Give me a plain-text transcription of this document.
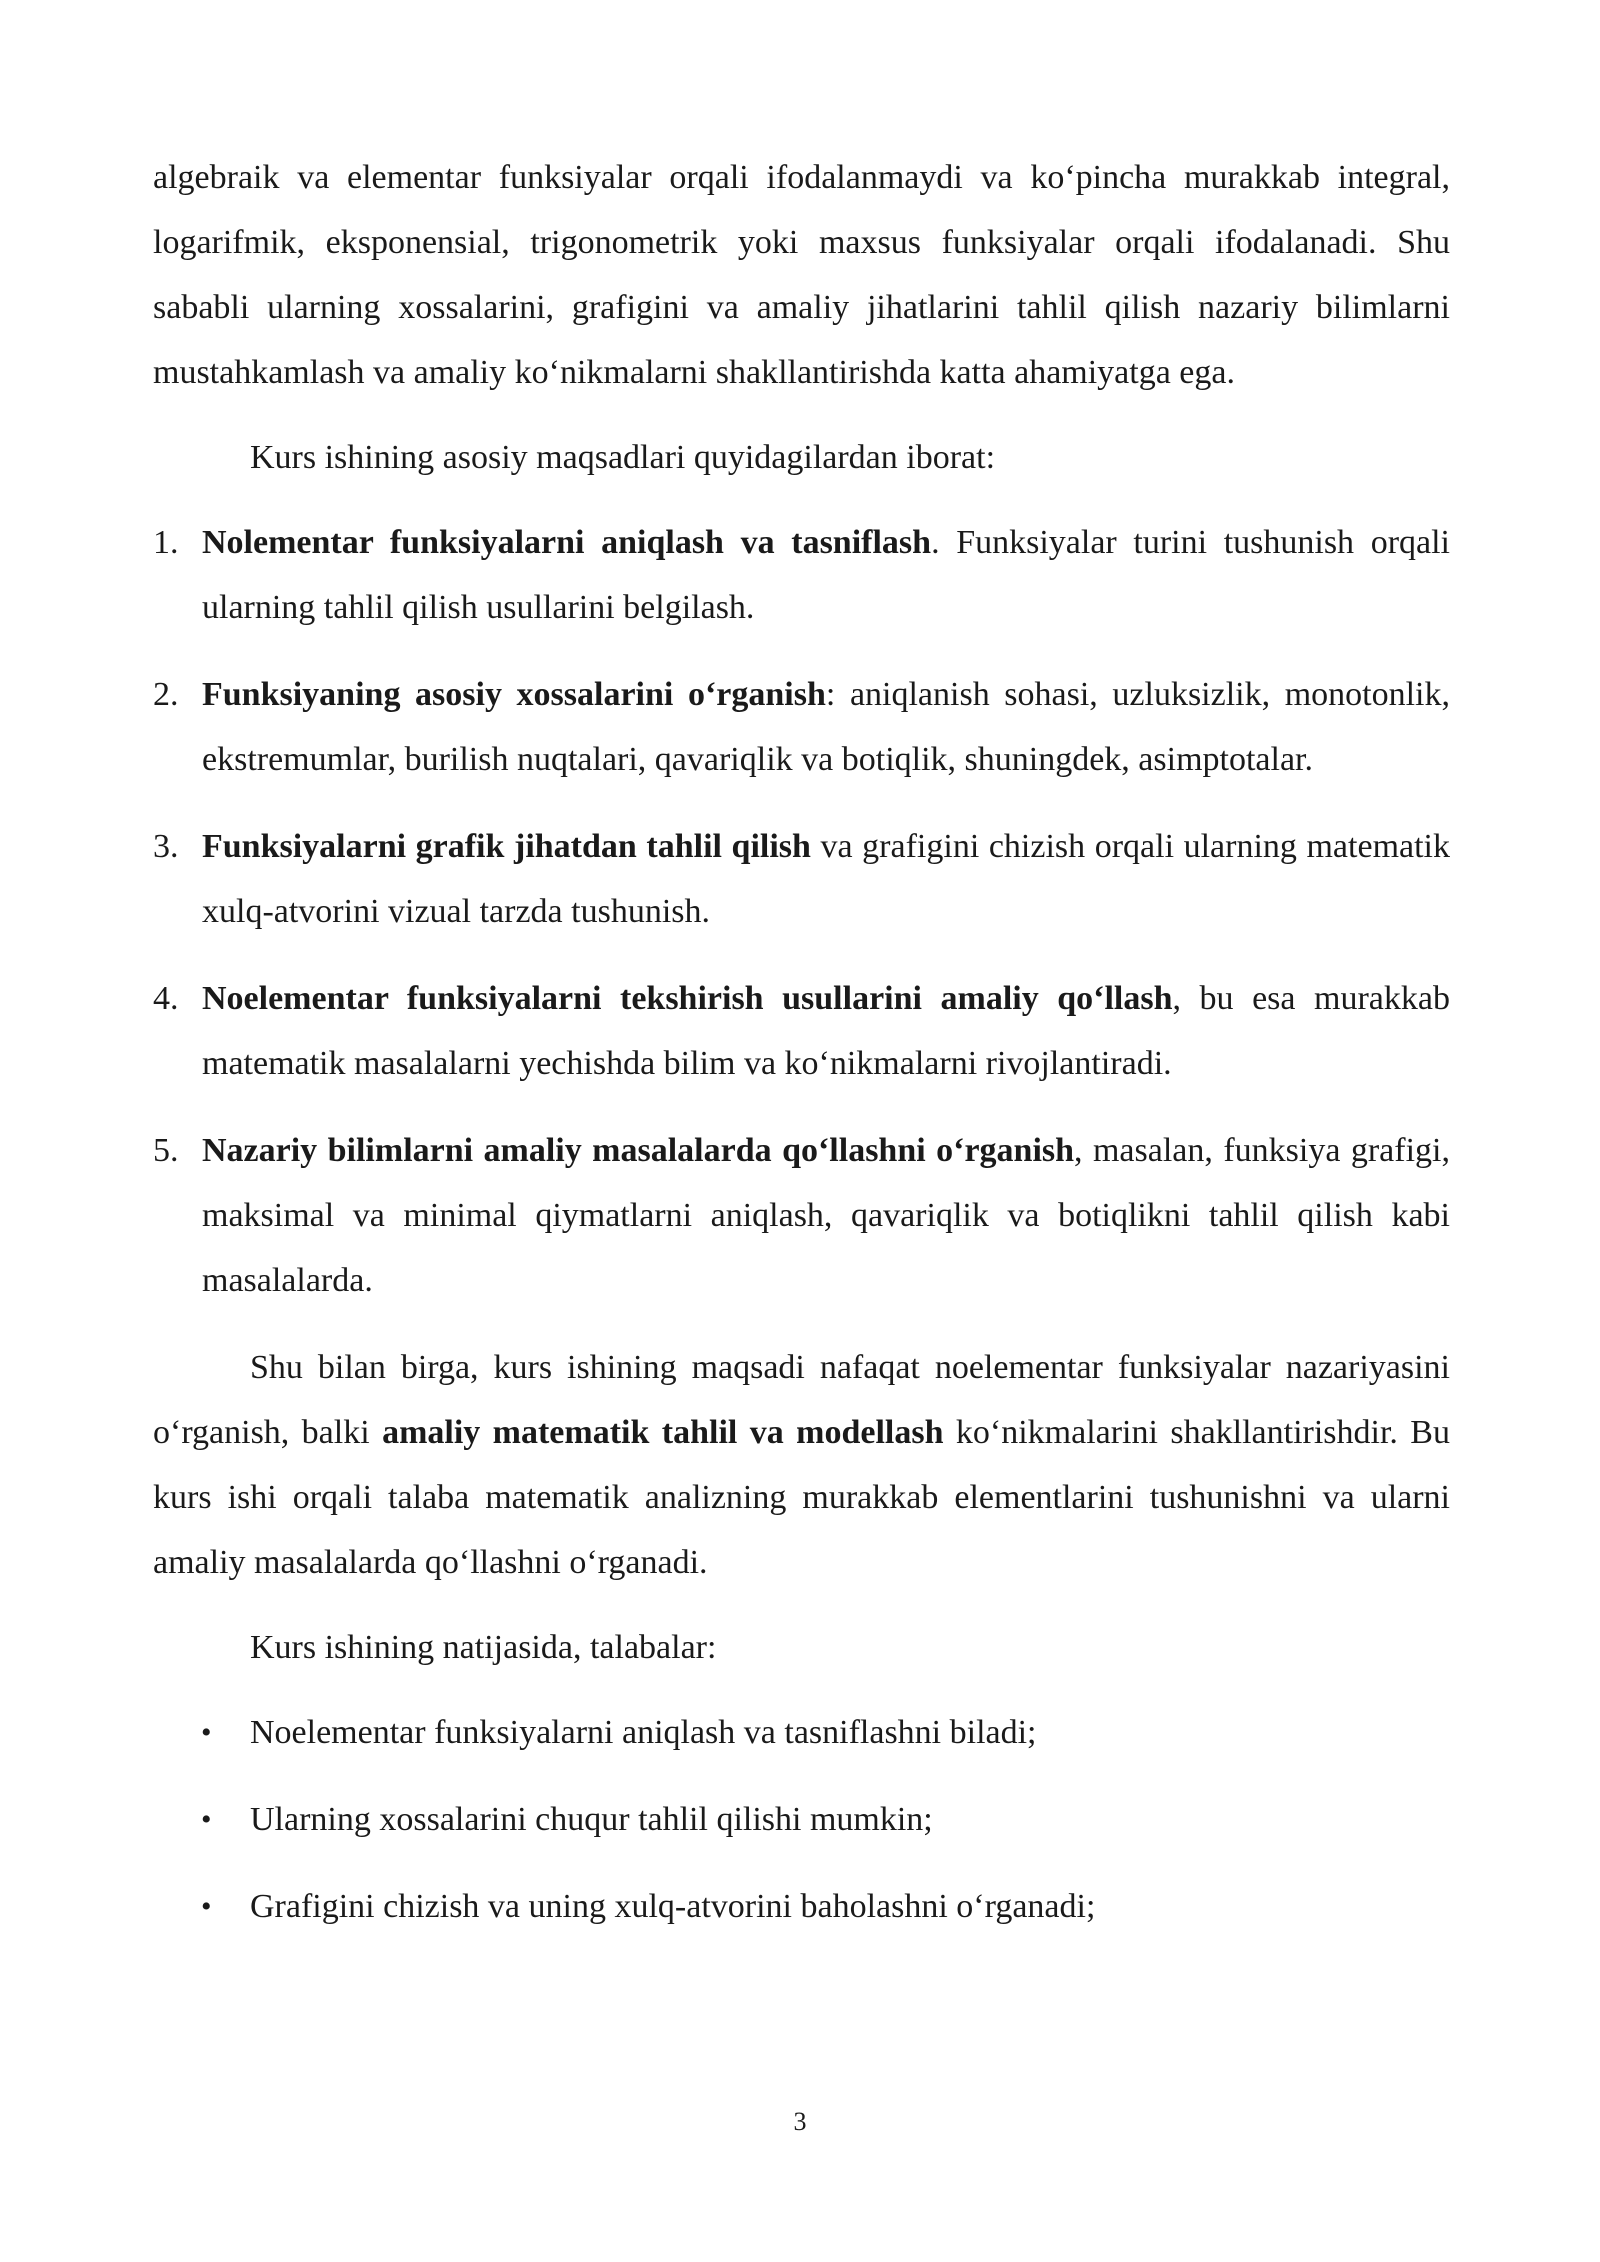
algebraik va elementar funksiyalar orqali ifodalanmaydi va ko‘pincha murakkab integral, logarifmik, eksponensial, trigonometrik yoki maxsus funksiyalar orqali ifodalanadi. Shu sababli ularning xossalarini, grafigini va amaliy jihatlarini tahlil qilish nazariy bilimlarni mustahkamlash va amaliy ko‘nikmalarni shakllantirishda katta ahamiyatga ega.

Kurs ishining asosiy maqsadlari quyidagilardan iborat:

1. Nolementar funksiyalarni aniqlash va tasniflash. Funksiyalar turini tushunish orqali ularning tahlil qilish usullarini belgilash.
2. Funksiyaning asosiy xossalarini o‘rganish: aniqlanish sohasi, uzluksizlik, monotonlik, ekstremumlar, burilish nuqtalari, qavariqlik va botiqlik, shuningdek, asimptotalar.
3. Funksiyalarni grafik jihatdan tahlil qilish va grafigini chizish orqali ularning matematik xulq-atvorini vizual tarzda tushunish.
4. Noelementar funksiyalarni tekshirish usullarini amaliy qo‘llash, bu esa murakkab matematik masalalarni yechishda bilim va ko‘nikmalarni rivojlantiradi.
5. Nazariy bilimlarni amaliy masalalarda qo‘llashni o‘rganish, masalan, funksiya grafigi, maksimal va minimal qiymatlarni aniqlash, qavariqlik va botiqlikni tahlil qilish kabi masalalarda.

Shu bilan birga, kurs ishining maqsadi nafaqat noelementar funksiyalar nazariyasini o‘rganish, balki amaliy matematik tahlil va modellash ko‘nikmalarini shakllantirishdir. Bu kurs ishi orqali talaba matematik analizning murakkab elementlarini tushunishni va ularni amaliy masalalarda qo‘llashni o‘rganadi.

Kurs ishining natijasida, talabalar:

• Noelementar funksiyalarni aniqlash va tasniflashni biladi;
• Ularning xossalarini chuqur tahlil qilishi mumkin;
• Grafigini chizish va uning xulq-atvorini baholashni o‘rganadi;
3
